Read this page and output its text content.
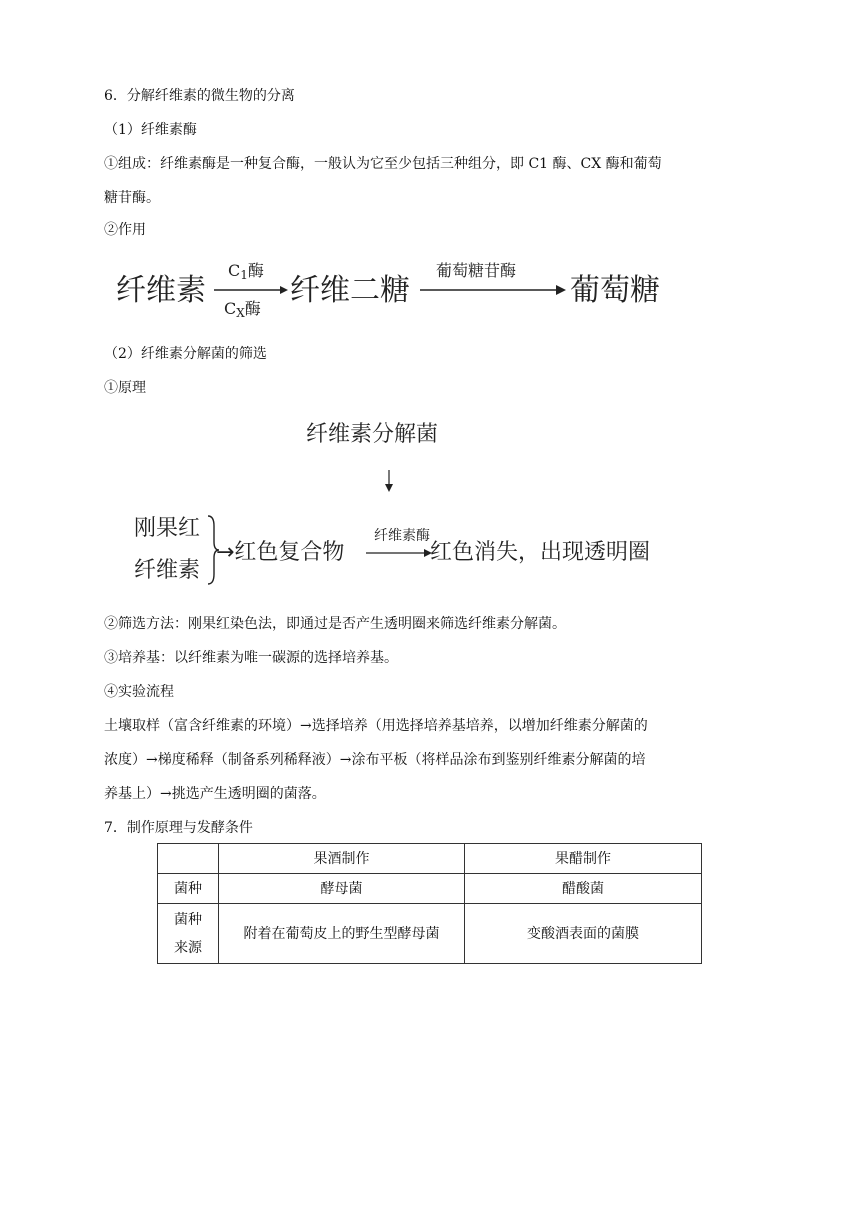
6．分解纤维素的微生物的分离
（1）纤维素酶
①组成：纤维素酶是一种复合酶，一般认为它至少包括三种组分，即 C1 酶、CX 酶和葡萄
糖苷酶。
②作用
纤维素
$C_1$酶
$C_X$酶
纤维二糖
葡萄糖苷酶
葡萄糖
（2）纤维素分解菌的筛选
①原理
纤维素分解菌
刚果红
纤维素
→红色复合物
纤维素酶
红色消失，出现透明圈
②筛选方法：刚果红染色法，即通过是否产生透明圈来筛选纤维素分解菌。
③培养基：以纤维素为唯一碳源的选择培养基。
④实验流程
土壤取样（富含纤维素的环境）→选择培养（用选择培养基培养，以增加纤维素分解菌的
浓度）→梯度稀释（制备系列稀释液）→涂布平板（将样品涂布到鉴别纤维素分解菌的培
养基上）→挑选产生透明圈的菌落。
7．制作原理与发酵条件
	果酒制作	果醋制作
菌种	酵母菌	醋酸菌

菌种
来源	附着在葡萄皮上的野生型酵母菌	变酸酒表面的菌膜
